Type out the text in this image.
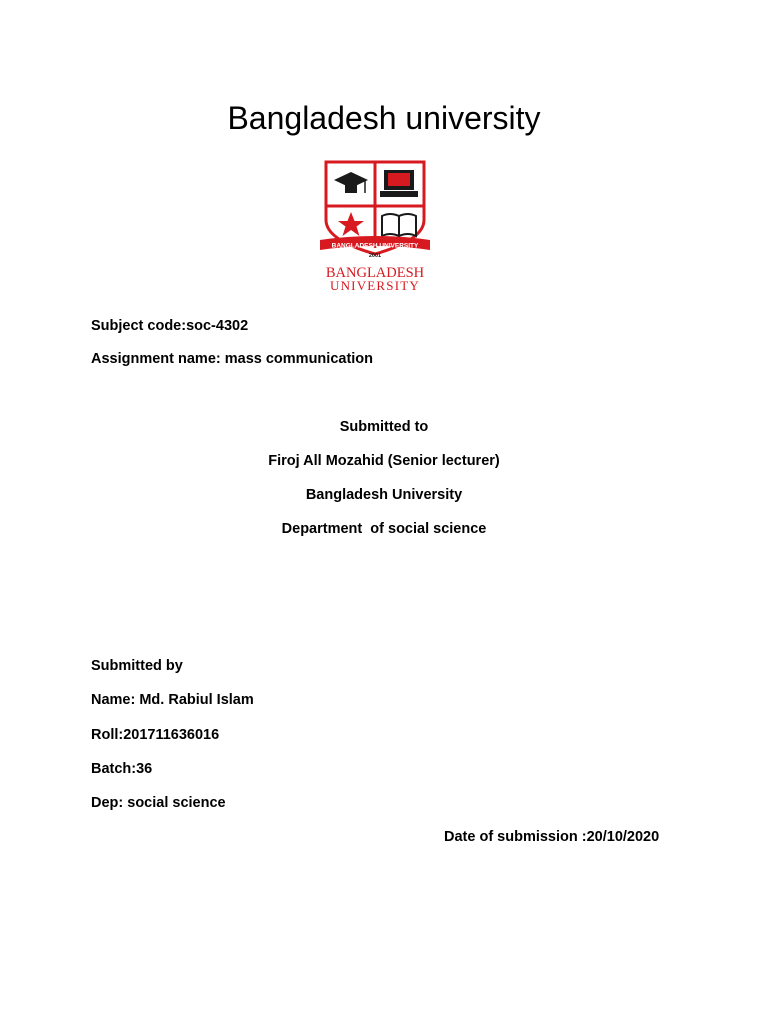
Bangladesh university
BANGLADESH UNIVERSITY
2001
BANGLADESH
UNIVERSITY
Subject code:soc-4302
Assignment name: mass communication
Submitted to
Firoj All Mozahid (Senior lecturer)
Bangladesh University
Department  of social science
Submitted by
Name: Md. Rabiul Islam
Roll:201711636016
Batch:36
Dep: social science
Date of submission :20/10/2020
